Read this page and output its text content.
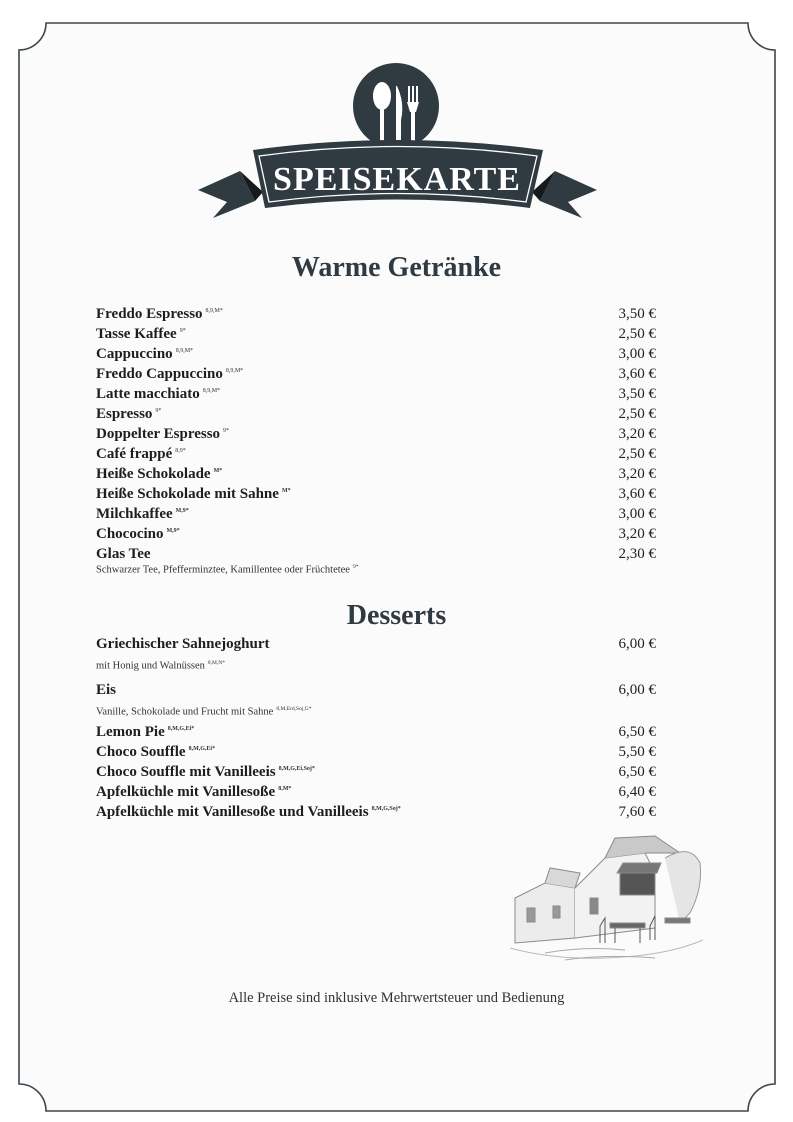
SPEISEKARTE
Warme Getränke
Freddo Espresso $^{8,9,M*}$	3,50 €
Tasse Kaffee $^{9*}$	2,50 €
Cappuccino $^{8,9,M*}$	3,00 €
Freddo Cappuccino $^{8,9,M*}$	3,60 €
Latte macchiato $^{8,9,M*}$	3,50 €
Espresso $^{9*}$	2,50 €
Doppelter Espresso $^{9*}$	3,20 €
Café frappé $^{8,9*}$	2,50 €
Heiße Schokolade $^{M*}$	3,20 €
Heiße Schokolade mit Sahne $^{M*}$	3,60 €
Milchkaffee $^{M,9*}$	3,00 €
Chococino $^{M,9*}$	3,20 €
Glas Tee	2,30 €
Schwarzer Tee, Pfefferminztee, Kamillentee oder Früchtetee $^{9*}$
Desserts
Griechischer Sahnejoghurt	6,00 €
mit Honig und Walnüssen $^{8,M,N*}$
Eis	6,00 €
Vanille, Schokolade und Frucht mit Sahne $^{8,M,Erd,Soj,G*}$
Lemon Pie $^{8,M,G,Ei*}$	6,50 €
Choco Souffle $^{8,M,G,Ei*}$	5,50 €
Choco Souffle mit Vanilleeis $^{8,M,G,Ei,Soj*}$	6,50 €
Apfelküchle mit Vanillesoße $^{8,M*}$	6,40 €
Apfelküchle mit Vanillesoße und Vanilleeis $^{8,M,G,Soj*}$	7,60 €
Alle Preise sind inklusive Mehrwertsteuer und Bedienung
